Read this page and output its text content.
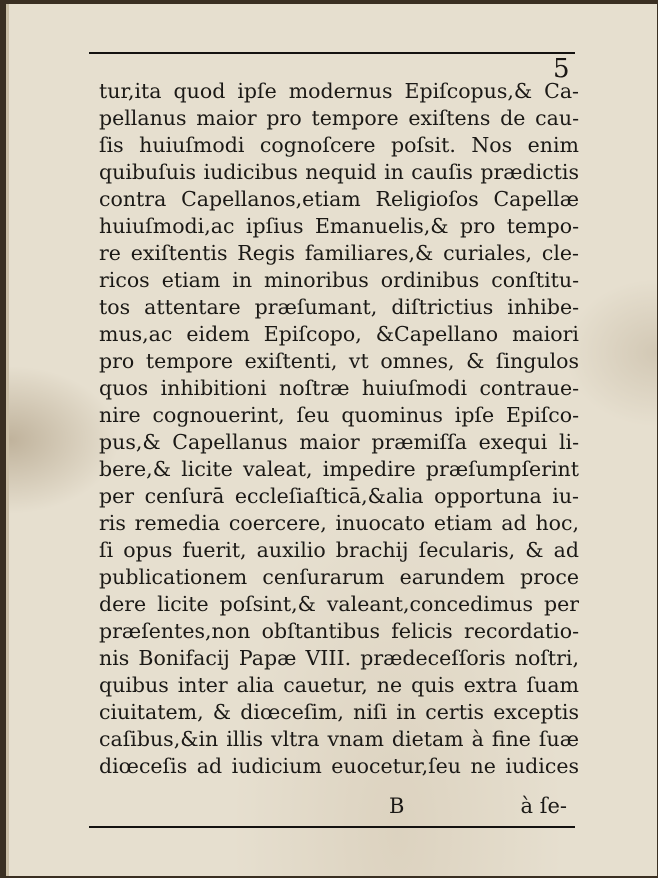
5
tur,ita quod ipſe modernus Epiſcopus,& Ca-
pellanus maior pro tempore exiſtens de cau-
ſis huiuſmodi cognoſcere poſsit. Nos enim
quibuſuis iudicibus nequid in cauſis prædictis
contra Capellanos,etiam Religioſos Capellæ
huiuſmodi,ac ipſius Emanuelis,& pro tempo-
re exiſtentis Regis familiares,& curiales, cle-
ricos etiam in minoribus ordinibus conſtitu-
tos attentare præſumant, diſtrictius inhibe-
mus,ac eidem Epiſcopo, &Capellano maiori
pro tempore exiſtenti, vt omnes, & ſingulos
quos inhibitioni noſtræ huiuſmodi contraue-
nire cognouerint, ſeu quominus ipſe Epiſco-
pus,& Capellanus maior præmiſſa exequi li-
bere,& licite valeat, impedire præſumpſerint
per cenſurā eccleſiaſticā,&alia opportuna iu-
ris remedia coercere, inuocato etiam ad hoc,
ſi opus fuerit, auxilio brachij ſecularis, & ad
publicationem cenſurarum earundem proce
dere licite poſsint,& valeant,concedimus per
præſentes,non obſtantibus felicis recordatio-
nis Bonifacij Papæ VIII. prædeceſſoris noſtri,
quibus inter alia cauetur, ne quis extra ſuam
ciuitatem, & diœceſim, niſi in certis exceptis
caſibus,&in illis vltra vnam dietam à fine ſuæ
diœceſis ad iudicium euocetur,ſeu ne iudices
B	à ſe-
